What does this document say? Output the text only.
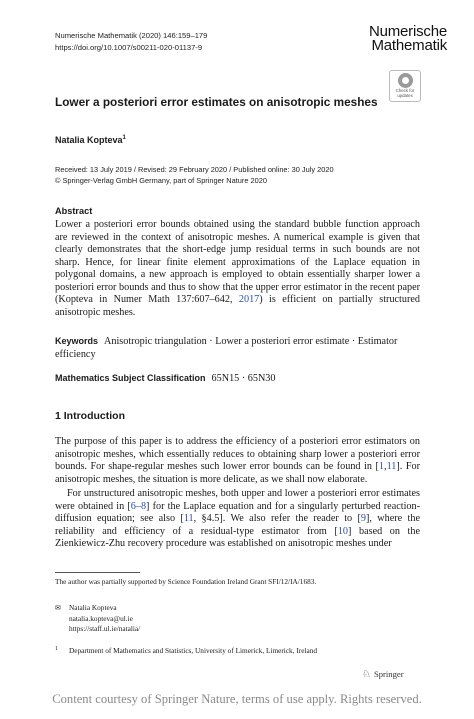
Numerische Mathematik (2020) 146:159–179
https://doi.org/10.1007/s00211-020-01137-9
Numerische
Mathematik
Check for
updates
Lower a posteriori error estimates on anisotropic meshes
Natalia Kopteva$^1$
Received: 13 July 2019 / Revised: 29 February 2020 / Published online: 30 July 2020
© Springer-Verlag GmbH Germany, part of Springer Nature 2020
Abstract

Lower a posteriori error bounds obtained using the standard bubble function approach are reviewed in the context of anisotropic meshes. A numerical example is given that clearly demonstrates that the short-edge jump residual terms in such bounds are not sharp. Hence, for linear finite element approximations of the Laplace equation in polygonal domains, a new approach is employed to obtain essentially sharper lower a posteriori error bounds and thus to show that the upper error estimator in the recent paper (Kopteva in Numer Math 137:607–642, 2017) is efficient on partially structured anisotropic meshes.

Keywords Anisotropic triangulation · Lower a posteriori error estimate · Estimator efficiency
Mathematics Subject Classification 65N15 · 65N30
1 Introduction

The purpose of this paper is to address the efficiency of a posteriori error estimators on anisotropic meshes, which essentially reduces to obtaining sharp lower a posteriori error bounds. For shape-regular meshes such lower error bounds can be found in [1,11]. For anisotropic meshes, the situation is more delicate, as we shall now elaborate.

For unstructured anisotropic meshes, both upper and lower a posteriori error estimates were obtained in [6–8] for the Laplace equation and for a singularly perturbed reaction-diffusion equation; see also [11, §4.5]. We also refer the reader to [9], where the reliability and efficiency of a residual-type estimator from [10] based on the Zienkiewicz-Zhu recovery procedure was established on anisotropic meshes under

The author was partially supported by Science Foundation Ireland Grant SFI/12/IA/1683.
✉ Natalia Kopteva
natalia.kopteva@ul.ie
https://staff.ul.ie/natalia/
1 Department of Mathematics and Statistics, University of Limerick, Limerick, Ireland
♘ Springer
Content courtesy of Springer Nature, terms of use apply. Rights reserved.
